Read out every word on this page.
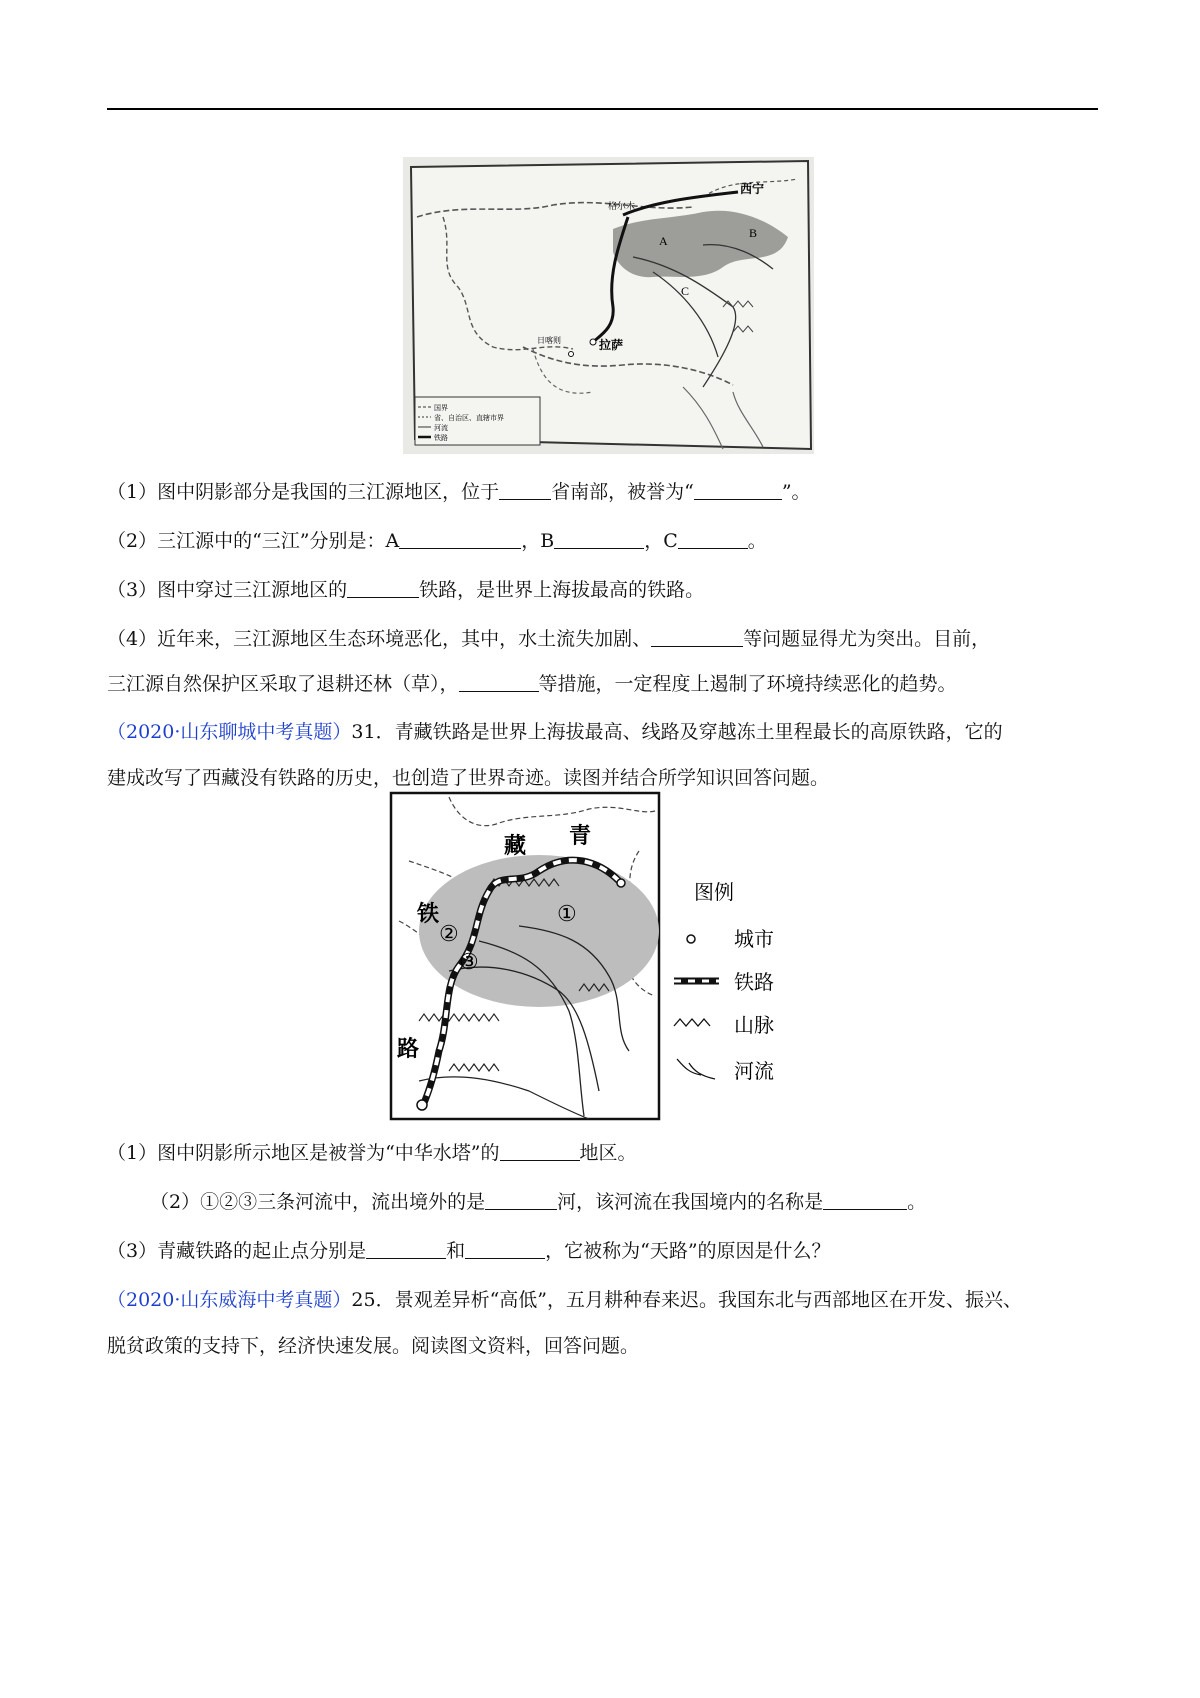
西宁
格尔木
拉萨
日喀则
A
B
C
国界
省、自治区、直辖市界
河流
铁路
（1）图中阴影部分是我国的三江源地区，位于	省南部，被誉为“	”。
（2）三江源中的“三江”分别是：A	，B	，C	。
（3）图中穿过三江源地区的	铁路，是世界上海拔最高的铁路。
（4）近年来，三江源地区生态环境恶化，其中，水土流失加剧、	等问题显得尤为突出。目前，
三江源自然保护区采取了退耕还林（草），	等措施，一定程度上遏制了环境持续恶化的趋势。
（2020·山东聊城中考真题）31．青藏铁路是世界上海拔最高、线路及穿越冻土里程最长的高原铁路，它的
建成改写了西藏没有铁路的历史，也创造了世界奇迹。读图并结合所学知识回答问题。
藏 青
铁
路
①
②
③
图例
城市
铁路
山脉
河流
（1）图中阴影所示地区是被誉为“中华水塔”的	地区。
（2）①②③三条河流中，流出境外的是	河，该河流在我国境内的名称是	。
（3）青藏铁路的起止点分别是	和	，它被称为“天路”的原因是什么？
（2020·山东威海中考真题）25．景观差异析“高低”，五月耕种春来迟。我国东北与西部地区在开发、振兴、
脱贫政策的支持下，经济快速发展。阅读图文资料，回答问题。
